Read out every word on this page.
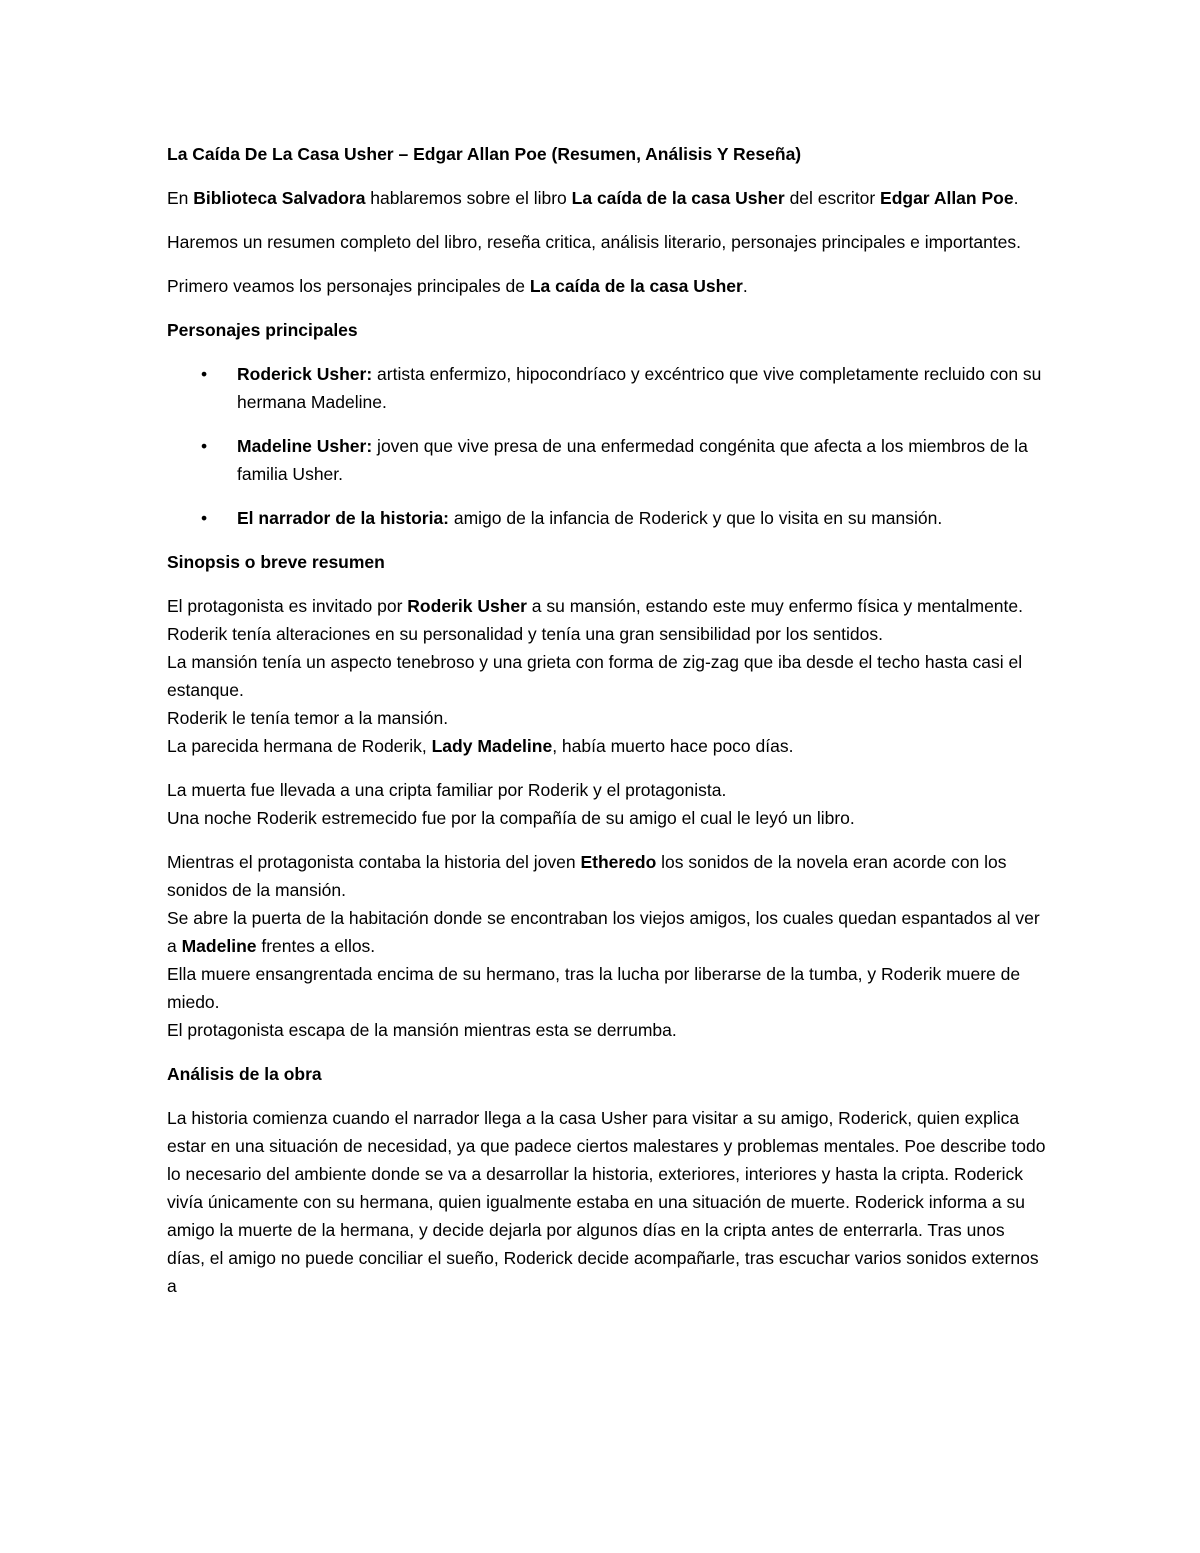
La Caída De La Casa Usher – Edgar Allan Poe (Resumen, Análisis Y Reseña)

En Biblioteca Salvadora hablaremos sobre el libro La caída de la casa Usher del escritor Edgar Allan Poe.

Haremos un resumen completo del libro, reseña critica, análisis literario, personajes principales e importantes.

Primero veamos los personajes principales de La caída de la casa Usher.

Personajes principales

• Roderick Usher: artista enfermizo, hipocondríaco y excéntrico que vive completamente recluido con su hermana Madeline.
• Madeline Usher: joven que vive presa de una enfermedad congénita que afecta a los miembros de la familia Usher.
• El narrador de la historia: amigo de la infancia de Roderick y que lo visita en su mansión.

Sinopsis o breve resumen

El protagonista es invitado por Roderik Usher a su mansión, estando este muy enfermo física y mentalmente.

Roderik tenía alteraciones en su personalidad y tenía una gran sensibilidad por los sentidos.

La mansión tenía un aspecto tenebroso y una grieta con forma de zig-zag que iba desde el techo hasta casi el estanque.

Roderik le tenía temor a la mansión.

La parecida hermana de Roderik, Lady Madeline, había muerto hace poco días.

La muerta fue llevada a una cripta familiar por Roderik y el protagonista.

Una noche Roderik estremecido fue por la compañía de su amigo el cual le leyó un libro.

Mientras el protagonista contaba la historia del joven Etheredo los sonidos de la novela eran acorde con los sonidos de la mansión.

Se abre la puerta de la habitación donde se encontraban los viejos amigos, los cuales quedan espantados al ver a Madeline frentes a ellos.

Ella muere ensangrentada encima de su hermano, tras la lucha por liberarse de la tumba, y Roderik muere de miedo.

El protagonista escapa de la mansión mientras esta se derrumba.

Análisis de la obra

La historia comienza cuando el narrador llega a la casa Usher para visitar a su amigo, Roderick, quien explica estar en una situación de necesidad, ya que padece ciertos malestares y problemas mentales. Poe describe todo lo necesario del ambiente donde se va a desarrollar la historia, exteriores, interiores y hasta la cripta. Roderick vivía únicamente con su hermana, quien igualmente estaba en una situación de muerte. Roderick informa a su amigo la muerte de la hermana, y decide dejarla por algunos días en la cripta antes de enterrarla. Tras unos días, el amigo no puede conciliar el sueño, Roderick decide acompañarle, tras escuchar varios sonidos externos a
